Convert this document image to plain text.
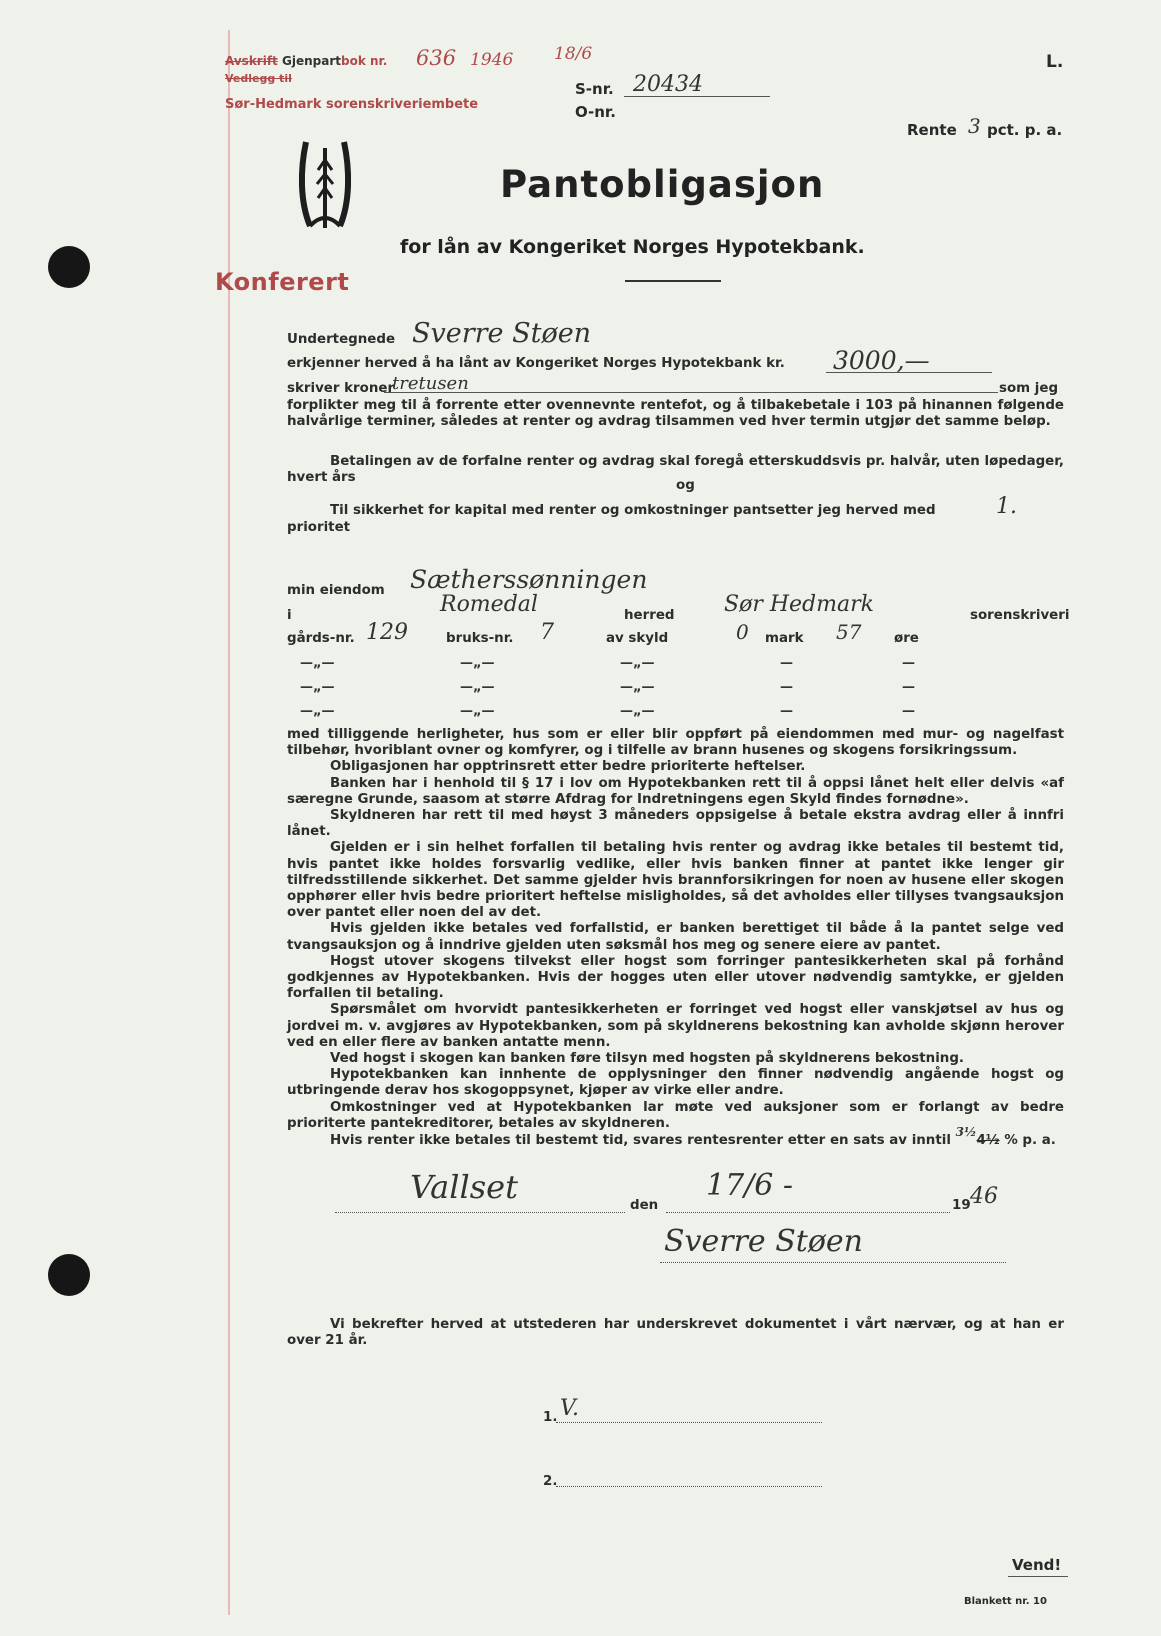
Avskrift Gjenpartbok nr. 636 1946 18/6
Vedlegg til
Sør-Hedmark sorenskriveriembete
Konferert
L.
S-nr. 20434
O-nr.
Rente 3 pct. p. a.
Pantobligasjon
for lån av Kongeriket Norges Hypotekbank.
Undertegnede Sverre Støen
erkjenner herved å ha lånt av Kongeriket Norges Hypotekbank kr. 3000,—
skriver kroner
tretusen	som jeg

forplikter meg til å forrente etter ovennevnte rentefot, og å tilbakebetale i 103 på hinannen følgende halvårlige terminer, således at renter og avdrag tilsammen ved hver termin utgjør det samme beløp.

Betalingen av de forfalne renter og avdrag skal foregå etterskuddsvis pr. halvår, uten løpedager, hvert års

og
Til sikkerhet for kapital med renter og omkostninger pantsetter jeg herved med	1.
prioritet
min eiendom Sætherssønningen
i	Romedal	herred Sør Hedmark	sorenskriveri
gårds-nr. 129	bruks-nr. 7	av skyld	0 mark 57 øre
—„—	—„—	—„—	—	—
—„—	—„—	—„—	—	—
—„—	—„—	—„—	—	—

med tilliggende herligheter, hus som er eller blir oppført på eiendommen med mur- og nagelfast tilbehør, hvoriblant ovner og komfyrer, og i tilfelle av brann husenes og skogens forsikringssum.

Obligasjonen har opptrinsrett etter bedre prioriterte heftelser.

Banken har i henhold til § 17 i lov om Hypotekbanken rett til å oppsi lånet helt eller delvis «af særegne Grunde, saasom at større Afdrag for Indretningens egen Skyld findes fornødne».

Skyldneren har rett til med høyst 3 måneders oppsigelse å betale ekstra avdrag eller å innfri lånet.

Gjelden er i sin helhet forfallen til betaling hvis renter og avdrag ikke betales til bestemt tid, hvis pantet ikke holdes forsvarlig vedlike, eller hvis banken finner at pantet ikke lenger gir tilfredsstillende sikkerhet. Det samme gjelder hvis brannforsikringen for noen av husene eller skogen opphører eller hvis bedre prioritert heftelse misligholdes, så det avholdes eller tillyses tvangsauksjon over pantet eller noen del av det.

Hvis gjelden ikke betales ved forfallstid, er banken berettiget til både å la pantet selge ved tvangsauksjon og å inndrive gjelden uten søksmål hos meg og senere eiere av pantet.

Hogst utover skogens tilvekst eller hogst som forringer pantesikkerheten skal på forhånd godkjennes av Hypotekbanken. Hvis der hogges uten eller utover nødvendig samtykke, er gjelden forfallen til betaling.

Spørsmålet om hvorvidt pantesikkerheten er forringet ved hogst eller vanskjøtsel av hus og jordvei m. v. avgjøres av Hypotekbanken, som på skyldnerens bekostning kan avholde skjønn herover ved en eller flere av banken antatte menn.

Ved hogst i skogen kan banken føre tilsyn med hogsten på skyldnerens bekostning.

Hypotekbanken kan innhente de opplysninger den finner nødvendig angående hogst og utbringende derav hos skogoppsynet, kjøper av virke eller andre.

Omkostninger ved at Hypotekbanken lar møte ved auksjoner som er forlangt av bedre prioriterte pantekreditorer, betales av skyldneren.

Hvis renter ikke betales til bestemt tid, svares rentesrenter etter en sats av inntil 3½4½ % p. a.

Vallset	den
17/6 -
19 46
Sverre Støen

Vi bekrefter herved at utstederen har underskrevet dokumentet i vårt nærvær, og at han er over 21 år.

1. V.
2.
Vend!
Blankett nr. 10
